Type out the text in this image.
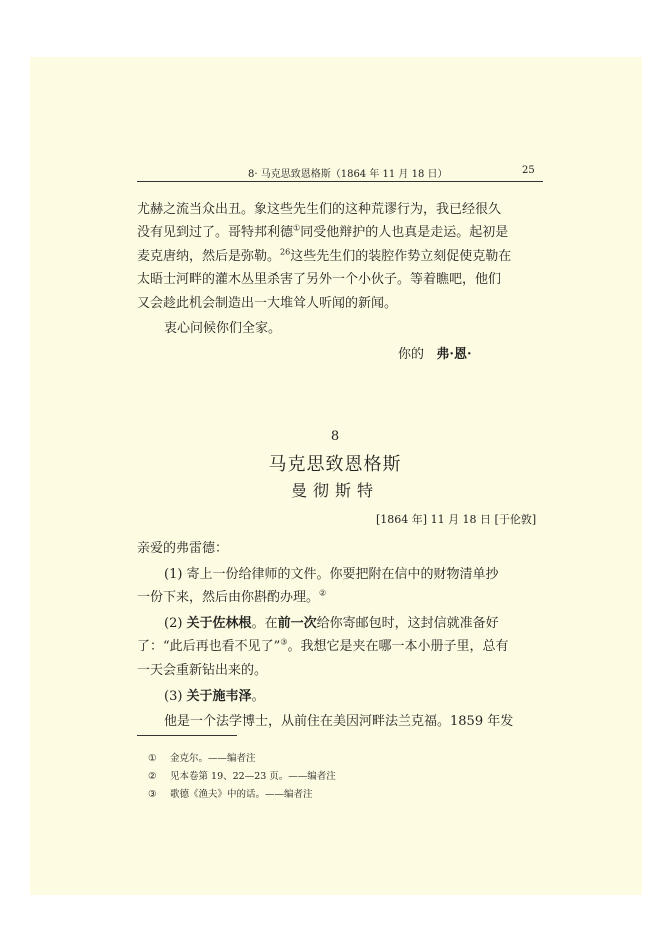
8· 马克思致恩格斯（1864 年 11 月 18 日）	25
尤赫之流当众出丑。象这些先生们的这种荒谬行为，我已经很久
没有见到过了。哥特邦利德①同受他辩护的人也真是走运。起初是
麦克唐纳，然后是弥勒。$^{26}$这些先生们的装腔作势立刻促使克勒在
太晤士河畔的灌木丛里杀害了另外一个小伙子。等着瞧吧，他们
又会趁此机会制造出一大堆耸人听闻的新闻。
衷心问候你们全家。
你的 弗·恩·
8
马克思致恩格斯
曼彻斯特
[1864 年] 11 月 18 日 [于伦敦]
亲爱的弗雷德：
(1) 寄上一份给律师的文件。你要把附在信中的财物清单抄
一份下来，然后由你斟酌办理。②
(2) 关于佐林根。在前一次给你寄邮包时，这封信就准备好
了：“此后再也看不见了”③。我想它是夹在哪一本小册子里，总有
一天会重新钻出来的。
(3) 关于施韦泽。
他是一个法学博士，从前住在美因河畔法兰克福。1859 年发
① 金克尔。——编者注
② 见本卷第 19、22—23 页。——编者注
③ 歌德《渔夫》中的话。——编者注
